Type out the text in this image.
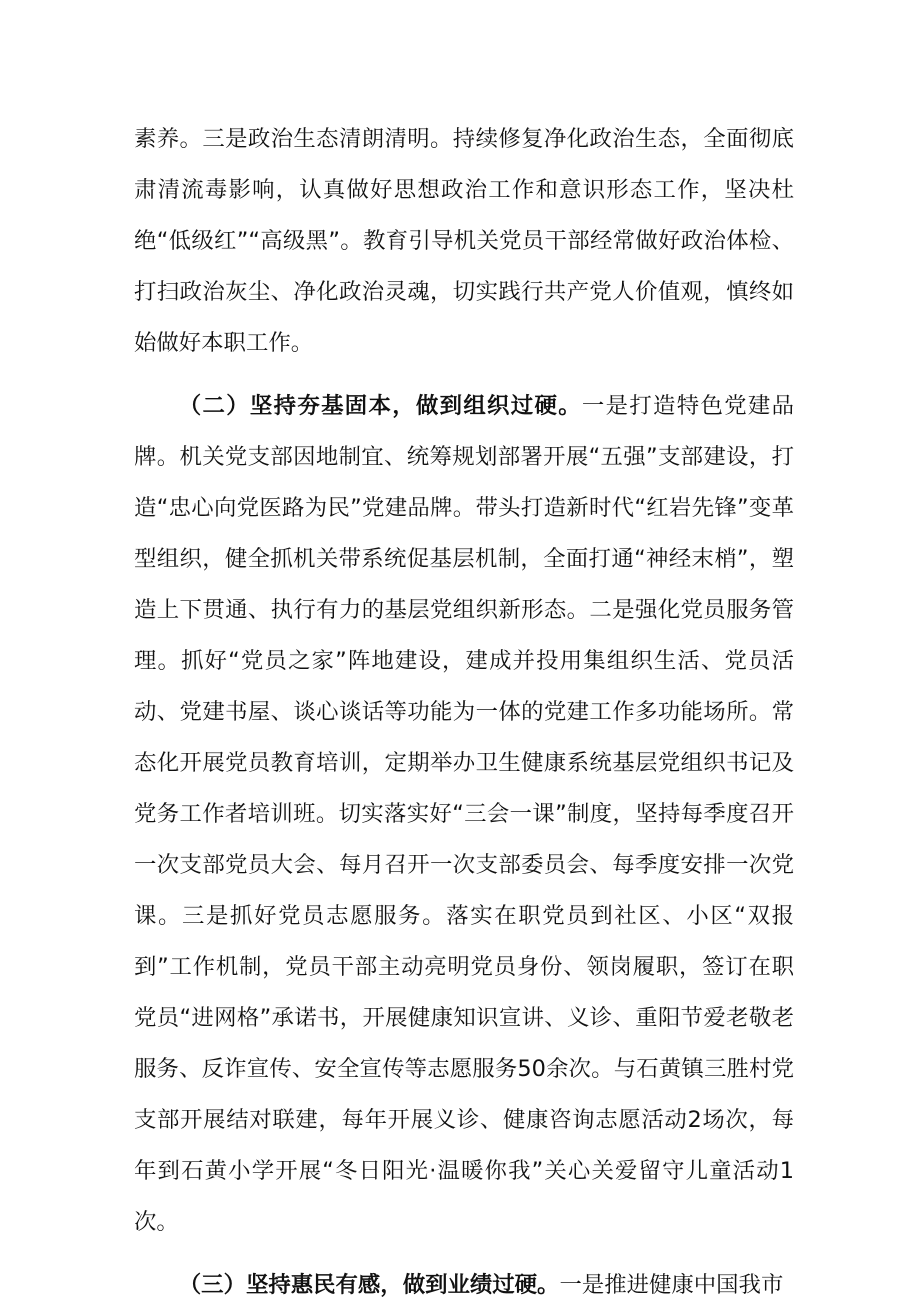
素养。三是政治生态清朗清明。持续修复净化政治生态，全面彻底肃清流毒影响，认真做好思想政治工作和意识形态工作，坚决杜绝“低级红”“高级黑”。教育引导机关党员干部经常做好政治体检、打扫政治灰尘、净化政治灵魂，切实践行共产党人价值观，慎终如始做好本职工作。

（二）坚持夯基固本，做到组织过硬。一是打造特色党建品牌。机关党支部因地制宜、统筹规划部署开展“五强”支部建设，打造“忠心向党医路为民”党建品牌。带头打造新时代“红岩先锋”变革型组织，健全抓机关带系统促基层机制，全面打通“神经末梢”，塑造上下贯通、执行有力的基层党组织新形态。二是强化党员服务管理。抓好“党员之家”阵地建设，建成并投用集组织生活、党员活动、党建书屋、谈心谈话等功能为一体的党建工作多功能场所。常态化开展党员教育培训，定期举办卫生健康系统基层党组织书记及党务工作者培训班。切实落实好“三会一课”制度，坚持每季度召开一次支部党员大会、每月召开一次支部委员会、每季度安排一次党课。三是抓好党员志愿服务。落实在职党员到社区、小区“双报到”工作机制，党员干部主动亮明党员身份、领岗履职，签订在职党员“进网格”承诺书，开展健康知识宣讲、义诊、重阳节爱老敬老服务、反诈宣传、安全宣传等志愿服务50余次。与石黄镇三胜村党支部开展结对联建，每年开展义诊、健康咨询志愿活动2场次，每年到石黄小学开展“冬日阳光·温暖你我”关心关爱留守儿童活动1次。

（三）坚持惠民有感，做到业绩过硬。一是推进健康中国我市
